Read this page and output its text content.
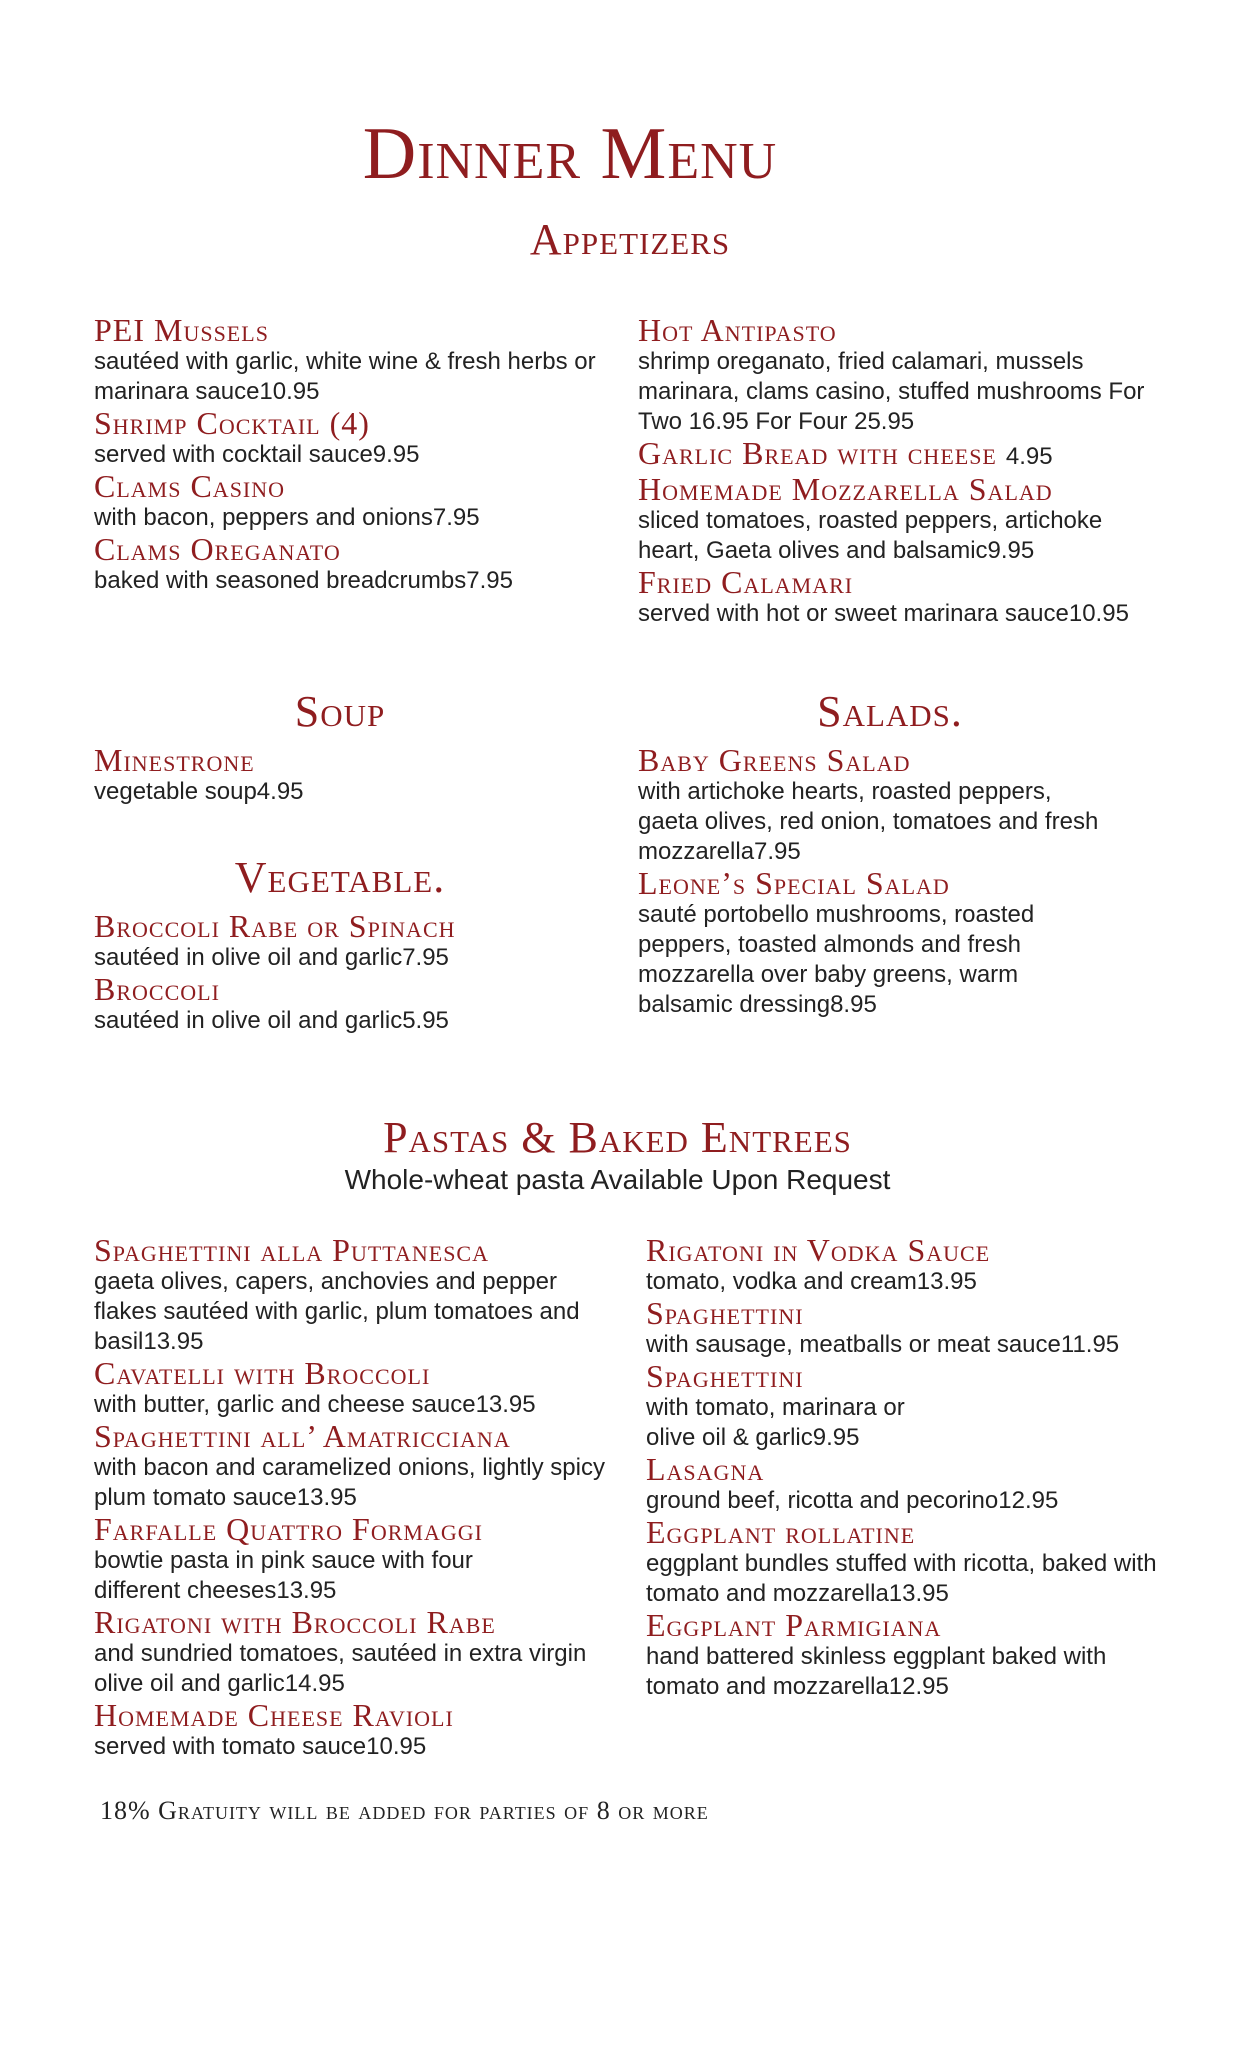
Dinner Menu
Appetizers
PEI Mussels
sautéed with garlic, white wine & fresh herbs or marinara sauce10.95
Shrimp Cocktail (4)
served with cocktail sauce9.95
Clams Casino
with bacon, peppers and onions7.95
Clams Oreganato
baked with seasoned breadcrumbs7.95
Hot Antipasto
shrimp oreganato, fried calamari, mussels marinara, clams casino, stuffed mushrooms For Two 16.95 For Four 25.95
Garlic Bread with cheese 4.95
Homemade Mozzarella Salad
sliced tomatoes, roasted peppers, artichoke heart, Gaeta olives and balsamic9.95
Fried Calamari
served with hot or sweet marinara sauce10.95
Soup
Minestrone
vegetable soup4.95
Vegetable.
Broccoli Rabe or Spinach
sautéed in olive oil and garlic7.95
Broccoli
sautéed in olive oil and garlic5.95
Salads.
Baby Greens Salad
with artichoke hearts, roasted peppers, gaeta olives, red onion, tomatoes and fresh mozzarella7.95
Leone’s Special Salad
sauté portobello mushrooms, roasted peppers, toasted almonds and fresh mozzarella over baby greens, warm balsamic dressing8.95
Pastas & Baked Entrees
Whole-wheat pasta Available Upon Request
Spaghettini alla Puttanesca
gaeta olives, capers, anchovies and pepper flakes sautéed with garlic, plum tomatoes and basil13.95
Cavatelli with Broccoli
with butter, garlic and cheese sauce13.95
Spaghettini all’ Amatricciana
with bacon and caramelized onions, lightly spicy plum tomato sauce13.95
Farfalle Quattro Formaggi
bowtie pasta in pink sauce with four different cheeses13.95
Rigatoni with Broccoli Rabe
and sundried tomatoes, sautéed in extra virgin olive oil and garlic14.95
Homemade Cheese Ravioli
served with tomato sauce10.95
Rigatoni in Vodka Sauce
tomato, vodka and cream13.95
Spaghettini
with sausage, meatballs or meat sauce11.95
Spaghettini
with tomato, marinara or olive oil & garlic9.95
Lasagna
ground beef, ricotta and pecorino12.95
Eggplant rollatine
eggplant bundles stuffed with ricotta, baked with tomato and mozzarella13.95
Eggplant Parmigiana
hand battered skinless eggplant baked with tomato and mozzarella12.95
18% Gratuity will be added for parties of 8 or more
